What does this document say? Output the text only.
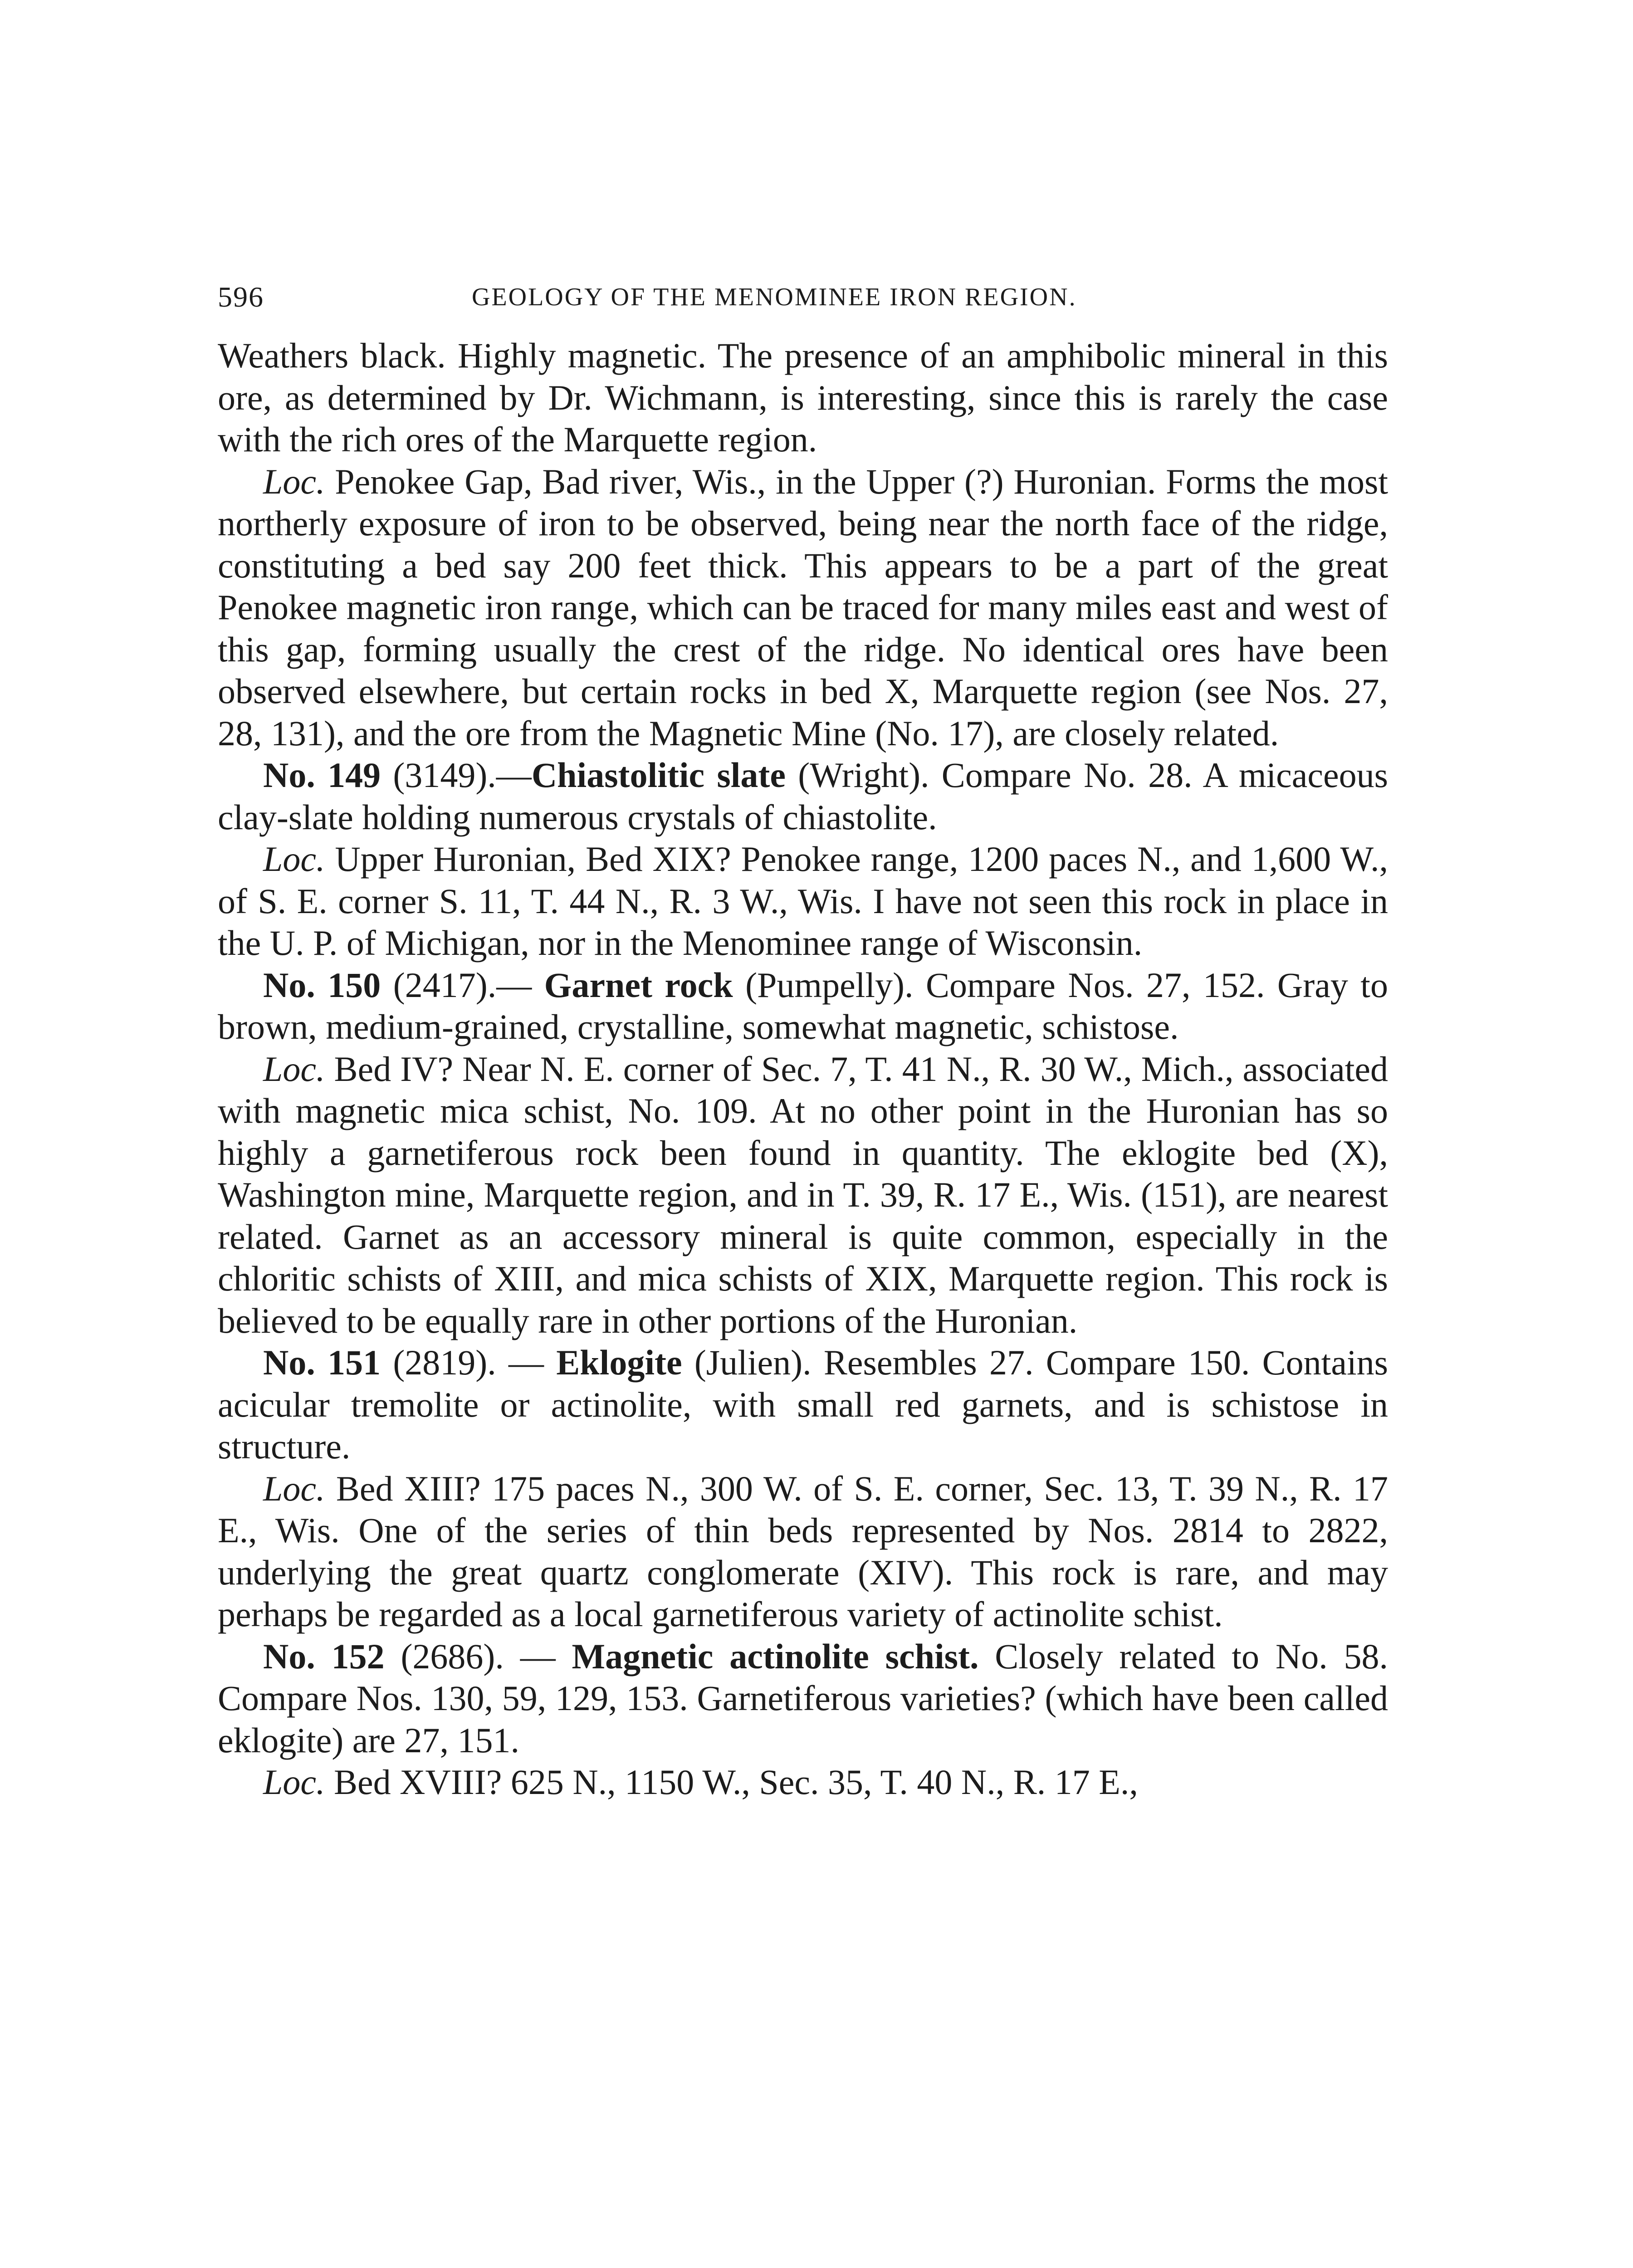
596	GEOLOGY OF THE MENOMINEE IRON REGION.

Weathers black. Highly magnetic. The presence of an amphibolic mineral in this ore, as determined by Dr. Wichmann, is interesting, since this is rarely the case with the rich ores of the Marquette region.

Loc. Penokee Gap, Bad river, Wis., in the Upper (?) Huronian. Forms the most northerly exposure of iron to be observed, being near the north face of the ridge, constituting a bed say 200 feet thick. This appears to be a part of the great Penokee magnetic iron range, which can be traced for many miles east and west of this gap, forming usually the crest of the ridge. No identical ores have been observed elsewhere, but certain rocks in bed X, Marquette region (see Nos. 27, 28, 131), and the ore from the Magnetic Mine (No. 17), are closely related.

No. 149 (3149).—Chiastolitic slate (Wright). Compare No. 28. A micaceous clay-slate holding numerous crystals of chiastolite.

Loc. Upper Huronian, Bed XIX? Penokee range, 1200 paces N., and 1,600 W., of S. E. corner S. 11, T. 44 N., R. 3 W., Wis. I have not seen this rock in place in the U. P. of Michigan, nor in the Menominee range of Wisconsin.

No. 150 (2417).— Garnet rock (Pumpelly). Compare Nos. 27, 152. Gray to brown, medium-grained, crystalline, somewhat magnetic, schistose.

Loc. Bed IV? Near N. E. corner of Sec. 7, T. 41 N., R. 30 W., Mich., associated with magnetic mica schist, No. 109. At no other point in the Huronian has so highly a garnetiferous rock been found in quantity. The eklogite bed (X), Washington mine, Marquette region, and in T. 39, R. 17 E., Wis. (151), are nearest related. Garnet as an accessory mineral is quite common, especially in the chloritic schists of XIII, and mica schists of XIX, Marquette region. This rock is believed to be equally rare in other portions of the Huronian.

No. 151 (2819). — Eklogite (Julien). Resembles 27. Compare 150. Contains acicular tremolite or actinolite, with small red garnets, and is schistose in structure.

Loc. Bed XIII? 175 paces N., 300 W. of S. E. corner, Sec. 13, T. 39 N., R. 17 E., Wis. One of the series of thin beds represented by Nos. 2814 to 2822, underlying the great quartz conglomerate (XIV). This rock is rare, and may perhaps be regarded as a local garnetiferous variety of actinolite schist.

No. 152 (2686). — Magnetic actinolite schist. Closely related to No. 58. Compare Nos. 130, 59, 129, 153. Garnetiferous varieties? (which have been called eklogite) are 27, 151.

Loc. Bed XVIII? 625 N., 1150 W., Sec. 35, T. 40 N., R. 17 E.,
